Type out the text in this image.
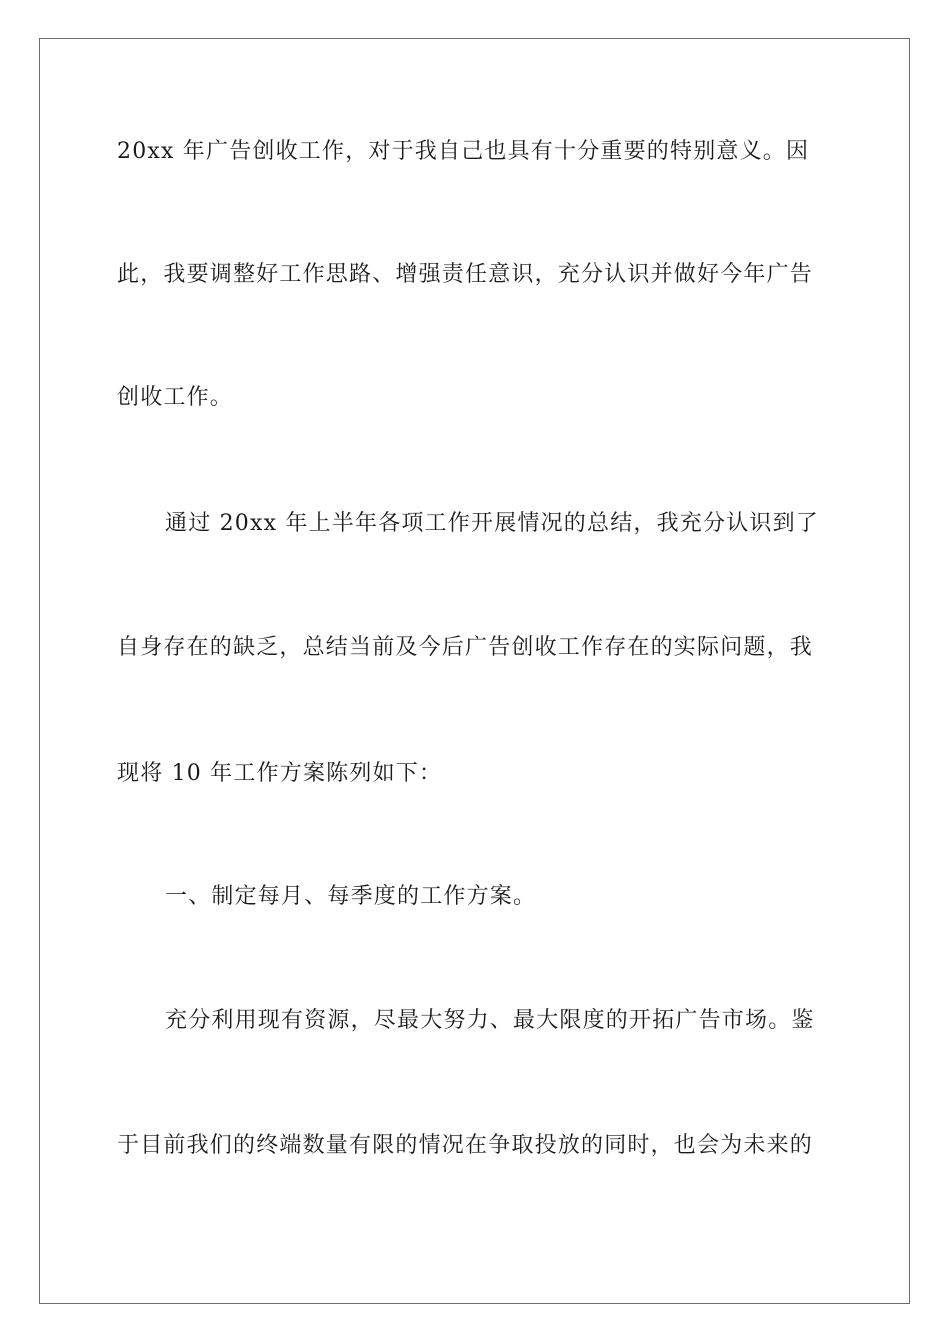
20xx 年广告创收工作，对于我自己也具有十分重要的特别意义。因
此，我要调整好工作思路、增强责任意识，充分认识并做好今年广告
创收工作。
通过 20xx 年上半年各项工作开展情况的总结，我充分认识到了
自身存在的缺乏，总结当前及今后广告创收工作存在的实际问题，我
现将 10 年工作方案陈列如下：
一、制定每月、每季度的工作方案。
充分利用现有资源，尽最大努力、最大限度的开拓广告市场。鉴
于目前我们的终端数量有限的情况在争取投放的同时，也会为未来的
